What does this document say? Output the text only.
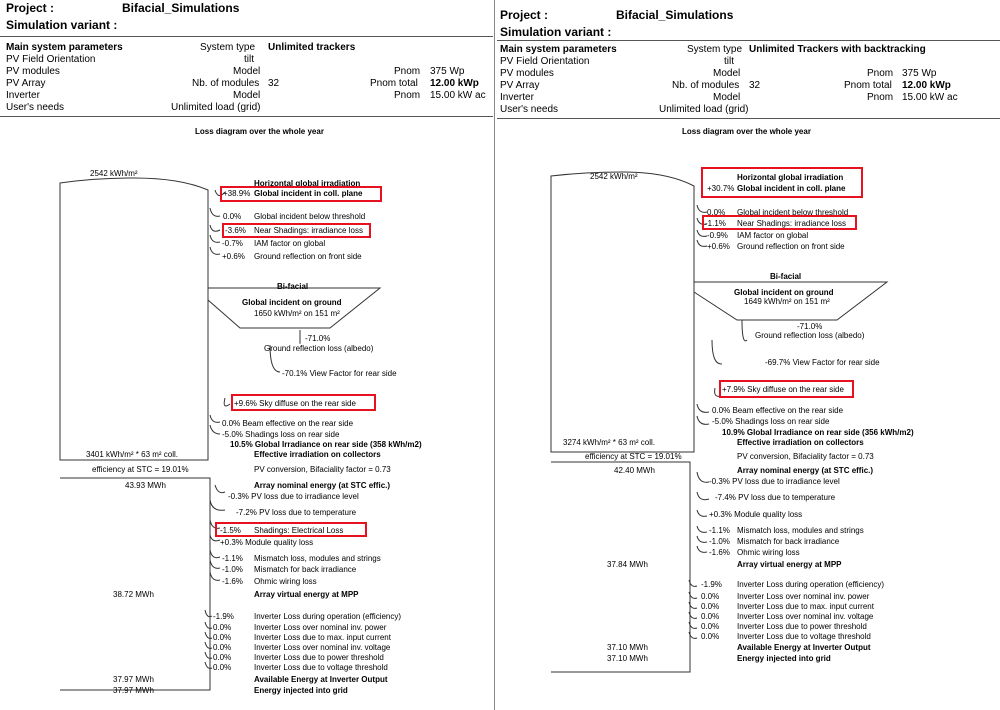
Project :	Bifacial_Simulations
Simulation variant :
Main system parameters	System type Unlimited trackers
PV Field Orientation	tilt
PV modules	Model	Pnom 375 Wp
PV Array	Nb. of modules 32	Pnom total 12.00 kWp
Inverter	Model	Pnom 15.00 kW ac
User's needs	Unlimited load (grid)
Loss diagram over the whole year
2542 kWh/m²
Horizontal global irradiation
+38.9% Global incident in coll. plane
0.0% Global incident below threshold
-3.6% Near Shadings: irradiance loss
-0.7% IAM factor on global
+0.6% Ground reflection on front side
Bi-facial
Global incident on ground
1650 kWh/m² on 151 m²
-71.0%
Ground reflection loss (albedo)
-70.1% View Factor for rear side
+9.6% Sky diffuse on the rear side
0.0% Beam effective on the rear side
-5.0% Shadings loss on rear side
10.5% Global Irradiance on rear side (358 kWh/m2)
Effective irradiation on collectors
3401 kWh/m² * 63 m² coll.
efficiency at STC = 19.01%	PV conversion, Bifaciality factor = 0.73
43.93 MWh	Array nominal energy (at STC effic.)
-0.3% PV loss due to irradiance level
-7.2% PV loss due to temperature
-1.5% Shadings: Electrical Loss
+0.3% Module quality loss
-1.1% Mismatch loss, modules and strings
-1.0% Mismatch for back irradiance
-1.6% Ohmic wiring loss
38.72 MWh	Array virtual energy at MPP
-1.9%	Inverter Loss during operation (efficiency)
0.0%	Inverter Loss over nominal inv. power
0.0%	Inverter Loss due to max. input current
0.0%	Inverter Loss over nominal inv. voltage
0.0%	Inverter Loss due to power threshold
0.0%	Inverter Loss due to voltage threshold
37.97 MWh	Available Energy at Inverter Output
37.97 MWh	Energy injected into grid
Project :	Bifacial_Simulations
Simulation variant :
Main system parameters	System type Unlimited Trackers with backtracking
PV Field Orientation	tilt
PV modules	Model	Pnom 375 Wp
PV Array	Nb. of modules 32	Pnom total 12.00 kWp
Inverter	Model	Pnom 15.00 kW ac
User's needs	Unlimited load (grid)
Loss diagram over the whole year
2542 kWh/m²	Horizontal global irradiation
+30.7% Global incident in coll. plane
0.0% Global incident below threshold
-1.1% Near Shadings: irradiance loss
-0.9% IAM factor on global
+0.6% Ground reflection on front side
Bi-facial
Global incident on ground
1649 kWh/m² on 151 m²
-71.0%
Ground reflection loss (albedo)
-69.7% View Factor for rear side
+7.9% Sky diffuse on the rear side
0.0% Beam effective on the rear side
-5.0% Shadings loss on rear side
10.9% Global Irradiance on rear side (356 kWh/m2)
Effective irradiation on collectors
3274 kWh/m² * 63 m² coll.
efficiency at STC = 19.01%	PV conversion, Bifaciality factor = 0.73
42.40 MWh	Array nominal energy (at STC effic.)
-0.3% PV loss due to irradiance level
-7.4% PV loss due to temperature
+0.3% Module quality loss
-1.1% Mismatch loss, modules and strings
-1.0% Mismatch for back irradiance
-1.6% Ohmic wiring loss
37.84 MWh	Array virtual energy at MPP
-1.9% Inverter Loss during operation (efficiency)
0.0% Inverter Loss over nominal inv. power
0.0% Inverter Loss due to max. input current
0.0% Inverter Loss over nominal inv. voltage
0.0% Inverter Loss due to power threshold
0.0% Inverter Loss due to voltage threshold
37.10 MWh	Available Energy at Inverter Output
37.10 MWh	Energy injected into grid
